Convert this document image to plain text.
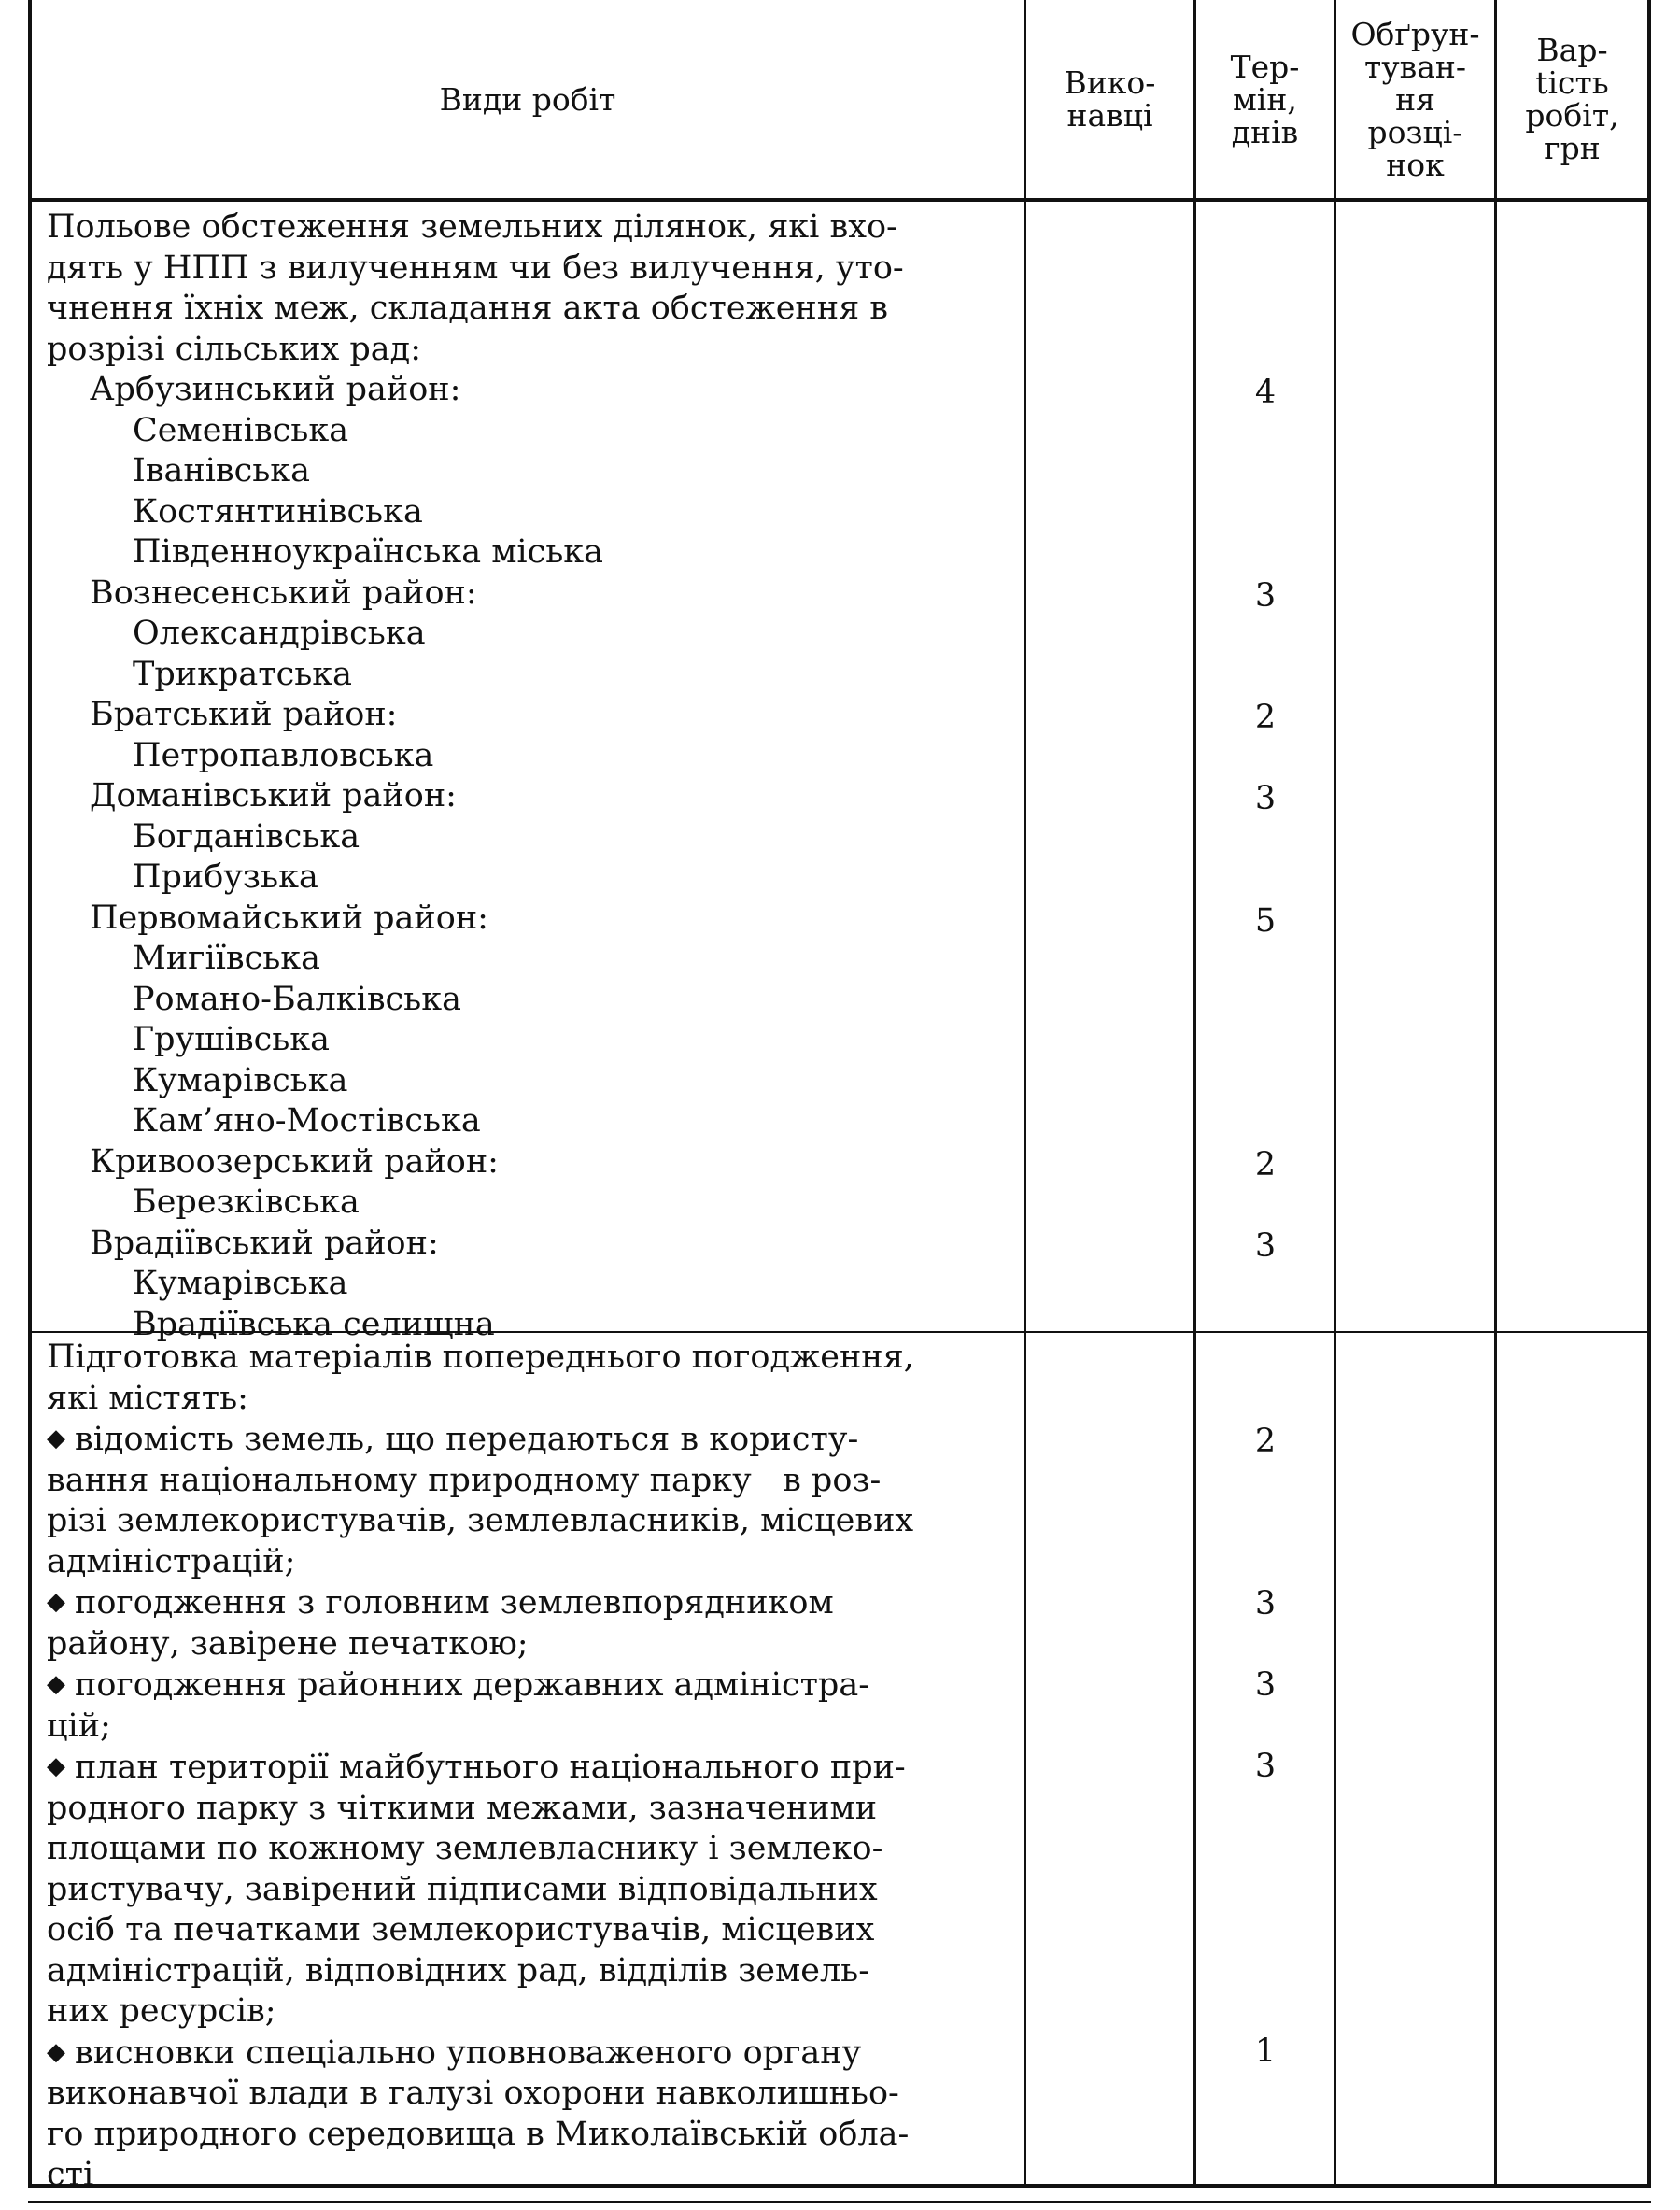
Види робіт	Вико-
навці
Тер-
мін,
днів
Обґрун-
туван-
ня
розці-
нок
Вар-
tість
робіт,
грн
Польове обстеження земельних ділянок, які вхо-
дять у НПП з вилученням чи без вилучення, уто-
чнення їхніх меж, складання акта обстеження в
розрізі сільських рад:
Арбузинський район:
Семенівська
Іванівська
Костянтинівська
Південноукраїнська міська
Вознесенський район:
Олександрівська
Трикратська
Братський район:
Петропавловська
Доманівський район:
Богданівська
Прибузька
Первомайський район:
Мигіївська
Романо-Балківська
Грушівська
Кумарівська
Кам’яно-Мостівська
Кривоозерський район:
Березківська
Врадіївський район:
Кумарівська
Врадіївська селищна
Підготовка матеріалів попереднього погодження,
які містять:
◆ відомість земель, що передаються в користу-
вання національному природному парку   в роз-
різі землекористувачів, землевласників, місцевих
адміністрацій;
◆ погодження з головним землевпорядником
району, завірене печаткою;
◆ погодження районних державних адміністра-
цій;
◆ план території майбутнього національного при-
родного парку з чіткими межами, зазначеними
площами по кожному землевласнику і землеко-
ристувачу, завірений підписами відповідальних
осіб та печатками землекористувачів, місцевих
адміністрацій, відповідних рад, відділів земель-
них ресурсів;
◆ висновки спеціально уповноваженого органу
виконавчої влади в галузі охорони навколишньо-
го природного середовища в Миколаївській обла-
сті
4
3
2
3
5
2
3
2
3
3
3
1
